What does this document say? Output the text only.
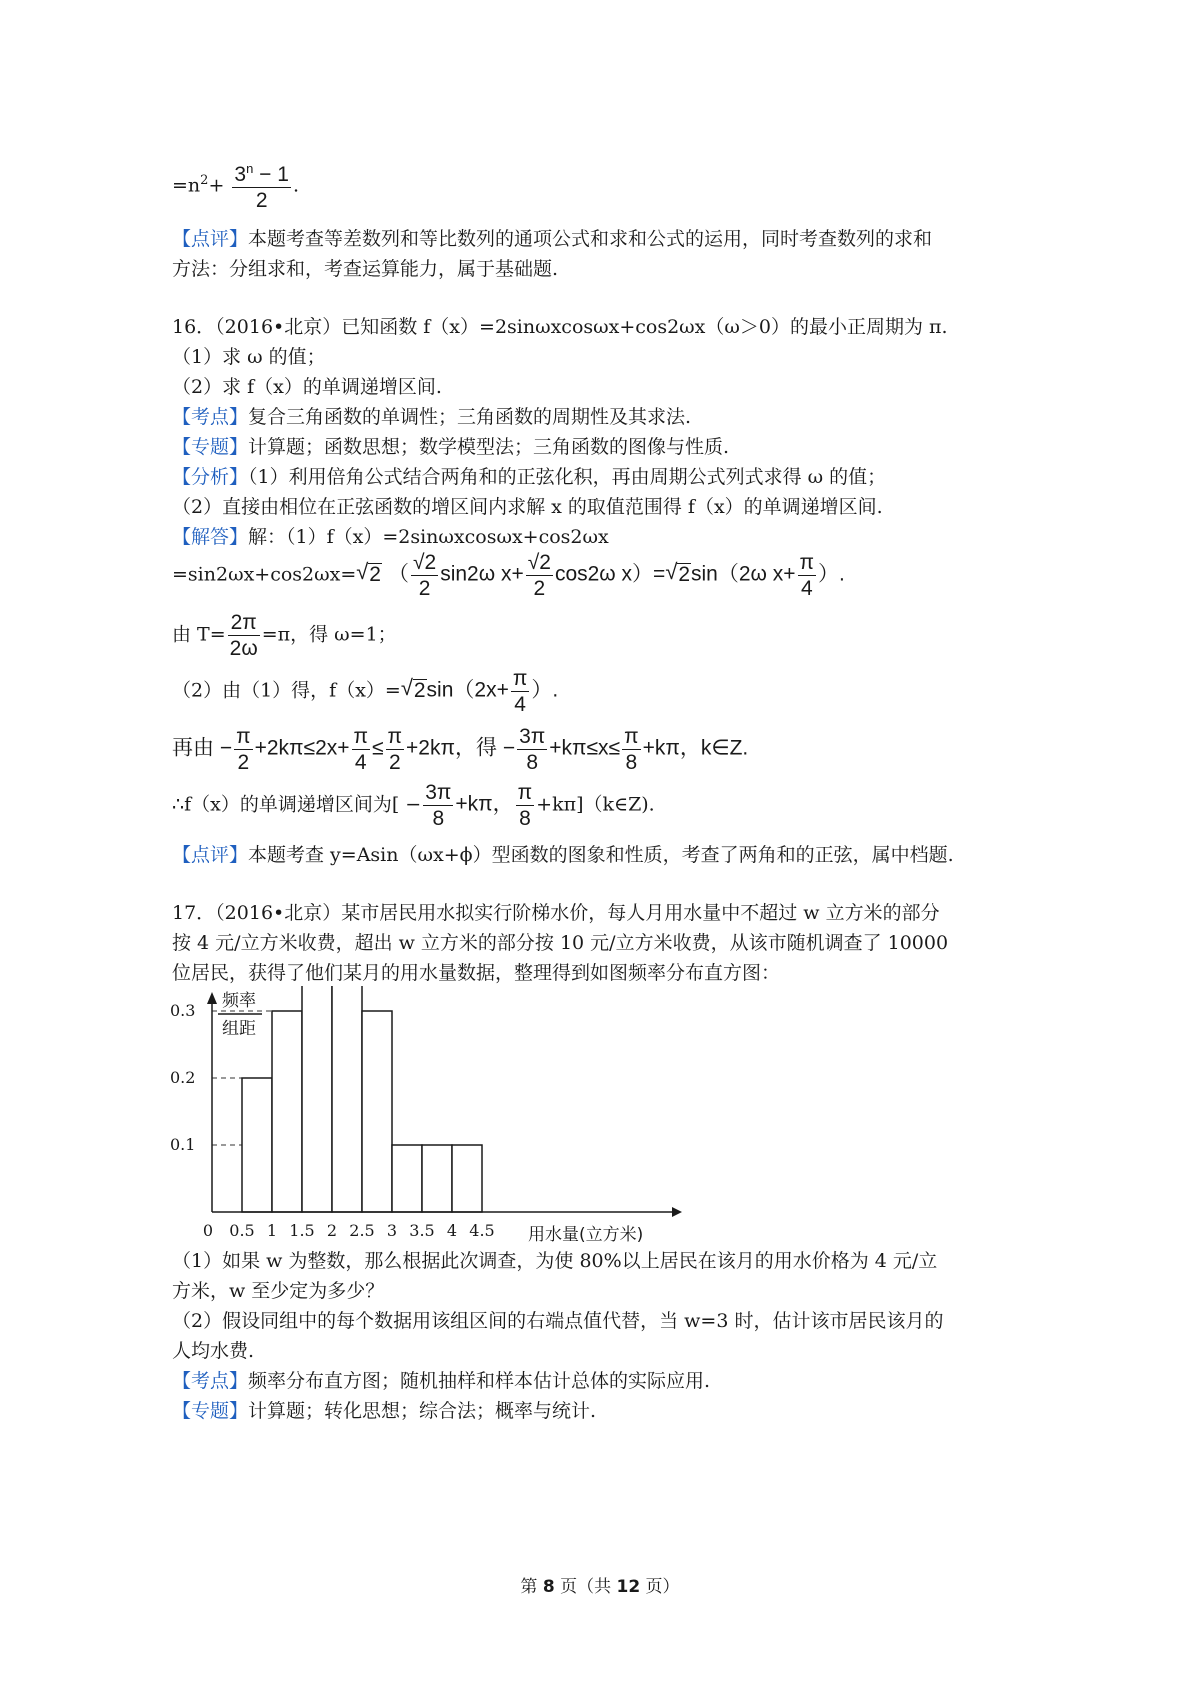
$=n^2+ \frac{3^n - 1}{2}$ .
【点评】本题考查等差数列和等比数列的通项公式和求和公式的运用，同时考查数列的求和
方法：分组求和，考查运算能力，属于基础题.
16．（2016•北京）已知函数 f（x）=2sinωxcosωx+cos2ωx（ω＞0）的最小正周期为 π.
（1）求 ω 的值；
（2）求 f（x）的单调递增区间.
【考点】复合三角函数的单调性；三角函数的周期性及其求法.
【专题】计算题；函数思想；数学模型法；三角函数的图像与性质.
【分析】（1）利用倍角公式结合两角和的正弦化积，再由周期公式列式求得 ω 的值；
（2）直接由相位在正弦函数的增区间内求解 x 的取值范围得 f（x）的单调递增区间.
【解答】解：（1）f（x）=2sinωxcosωx+cos2ωx
=sin2ωx+cos2ωx= √ 2 （ $\frac{√2}{2} \sin 2\omega$ $x+ \frac{√2}{2} \cos 2\omega$ x）= √ 2sin（2ω $x+ \frac{\pi}{4}$ ）.
由 $T= \frac{2\pi}{2\omega} =\pi$，得 ω=1；
（2）由（1）得，f（x）= √ $2\sin(2x+ \frac{\pi}{4}$ ）.
再由 − $\frac{\pi}{2} +2k\pi\le 2x+ \frac{\pi}{4} \le \frac{\pi}{2} +2k\pi$，得 − $\frac{3\pi}{8} +k\pi\le x\le \frac{\pi}{8} +k\pi$，k∈Z.
∴f（x）的单调递增区间为[ − $\frac{3\pi}{8} +k\pi$， $\frac{\pi}{8}$ +kπ]（k∈Z).
【点评】本题考查 y=Asin（ωx+ϕ）型函数的图象和性质，考查了两角和的正弦，属中档题.
17．（2016•北京）某市居民用水拟实行阶梯水价，每人月用水量中不超过 w 立方米的部分
按 4 元/立方米收费，超出 w 立方米的部分按 10 元/立方米收费，从该市随机调查了 10000
位居民，获得了他们某月的用水量数据，整理得到如图频率分布直方图：
0.1
0.2
0.3
0 0.5 1 1.5 2 2.5 3 3.5 4 4.5
频率
组距
用水量(立方米)
（1）如果 w 为整数，那么根据此次调查，为使 80%以上居民在该月的用水价格为 4 元/立
方米，w 至少定为多少？
（2）假设同组中的每个数据用该组区间的右端点值代替，当 w=3 时，估计该市居民该月的
人均水费.
【考点】频率分布直方图；随机抽样和样本估计总体的实际应用.
【专题】计算题；转化思想；综合法；概率与统计.
第 8 页（共 12 页）
